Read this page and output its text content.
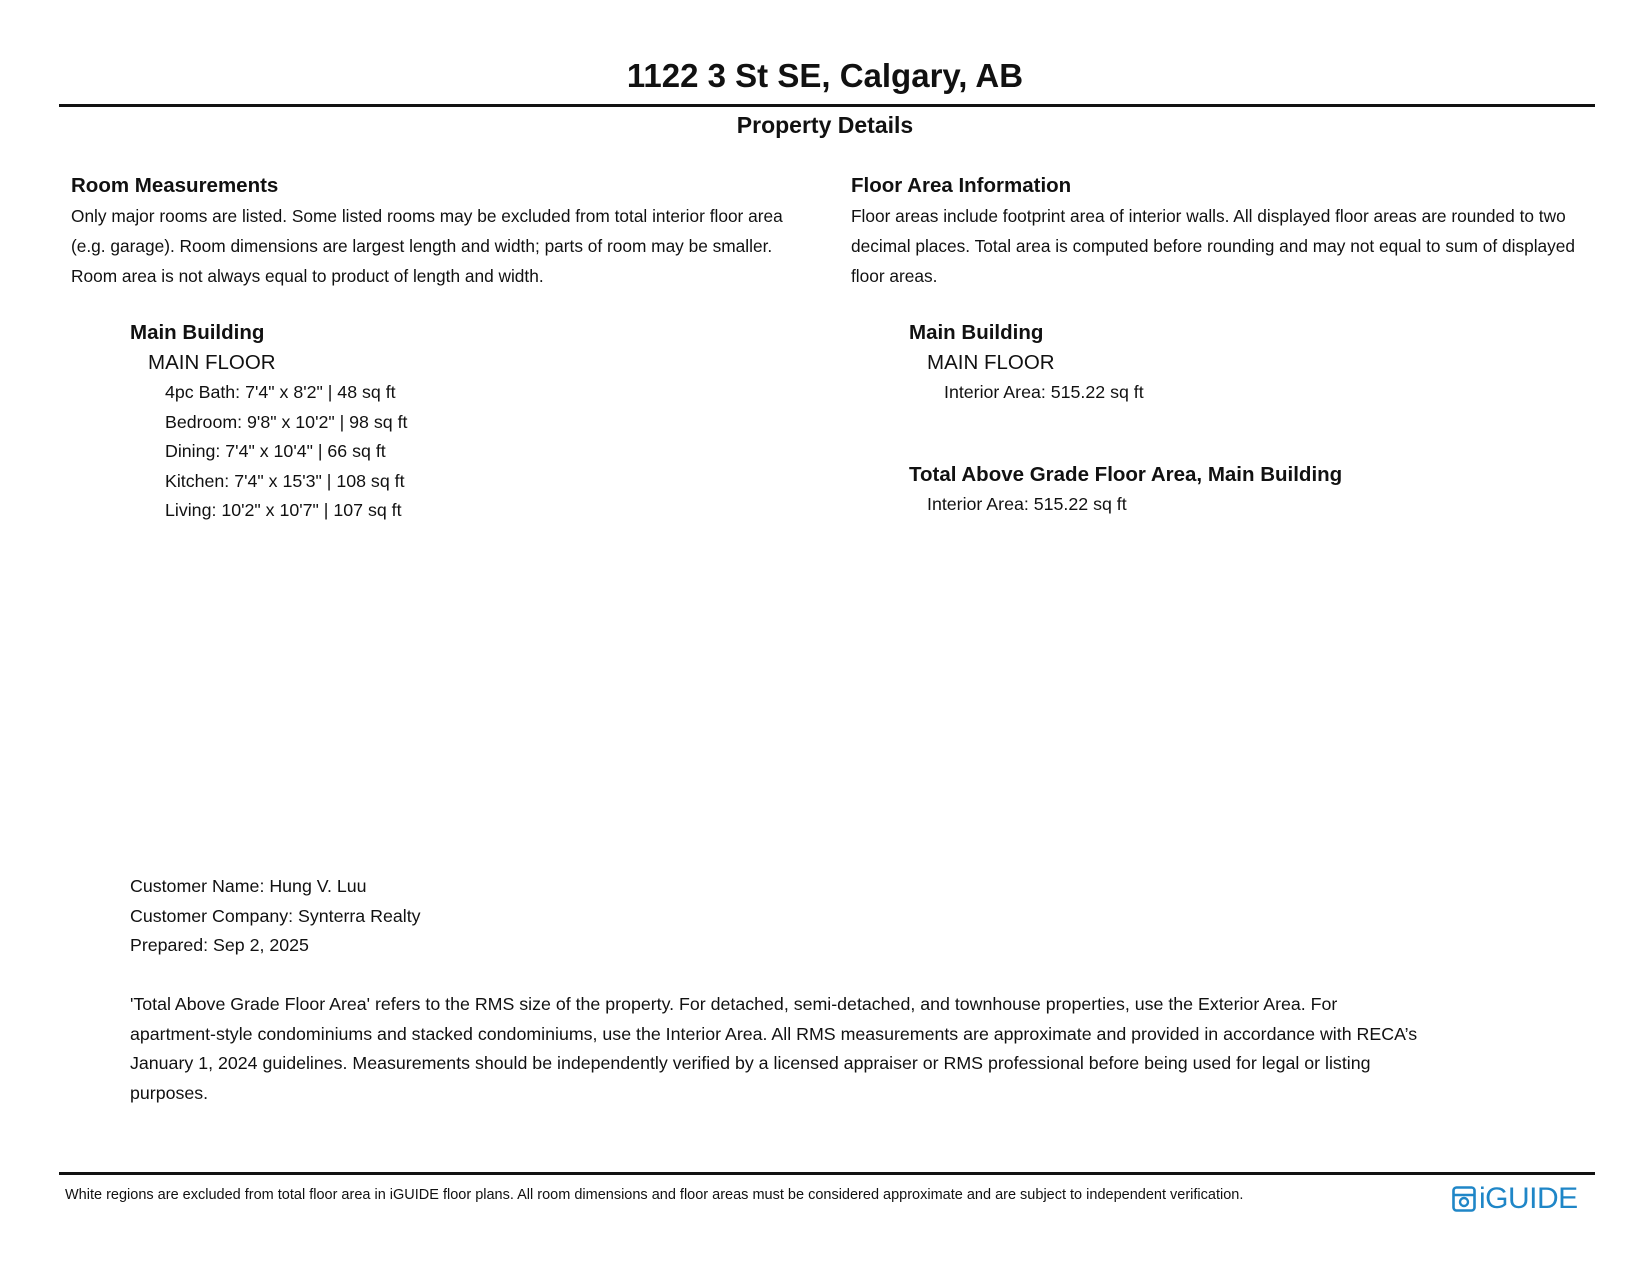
1122 3 St SE, Calgary, AB
Property Details

Room Measurements

Only major rooms are listed. Some listed rooms may be excluded from total interior floor area
(e.g. garage). Room dimensions are largest length and width; parts of room may be smaller.
Room area is not always equal to product of length and width.

Floor Area Information

Floor areas include footprint area of interior walls. All displayed floor areas are rounded to two
decimal places. Total area is computed before rounding and may not equal to sum of displayed
floor areas.

Main Building
MAIN FLOOR
4pc Bath: 7'4" x 8'2" | 48 sq ft
Bedroom: 9'8" x 10'2" | 98 sq ft
Dining: 7'4" x 10'4" | 66 sq ft
Kitchen: 7'4" x 15'3" | 108 sq ft
Living: 10'2" x 10'7" | 107 sq ft
Main Building
MAIN FLOOR
Interior Area: 515.22 sq ft
Total Above Grade Floor Area, Main Building
Interior Area: 515.22 sq ft
Customer Name: Hung V. Luu
Customer Company: Synterra Realty
Prepared: Sep 2, 2025
'Total Above Grade Floor Area' refers to the RMS size of the property. For detached, semi-detached, and townhouse properties, use the Exterior Area. For
apartment-style condominiums and stacked condominiums, use the Interior Area. All RMS measurements are approximate and provided in accordance with RECA’s
January 1, 2024 guidelines. Measurements should be independently verified by a licensed appraiser or RMS professional before being used for legal or listing
purposes.
White regions are excluded from total floor area in iGUIDE floor plans. All room dimensions and floor areas must be considered approximate and are subject to independent verification.	iGUIDE
